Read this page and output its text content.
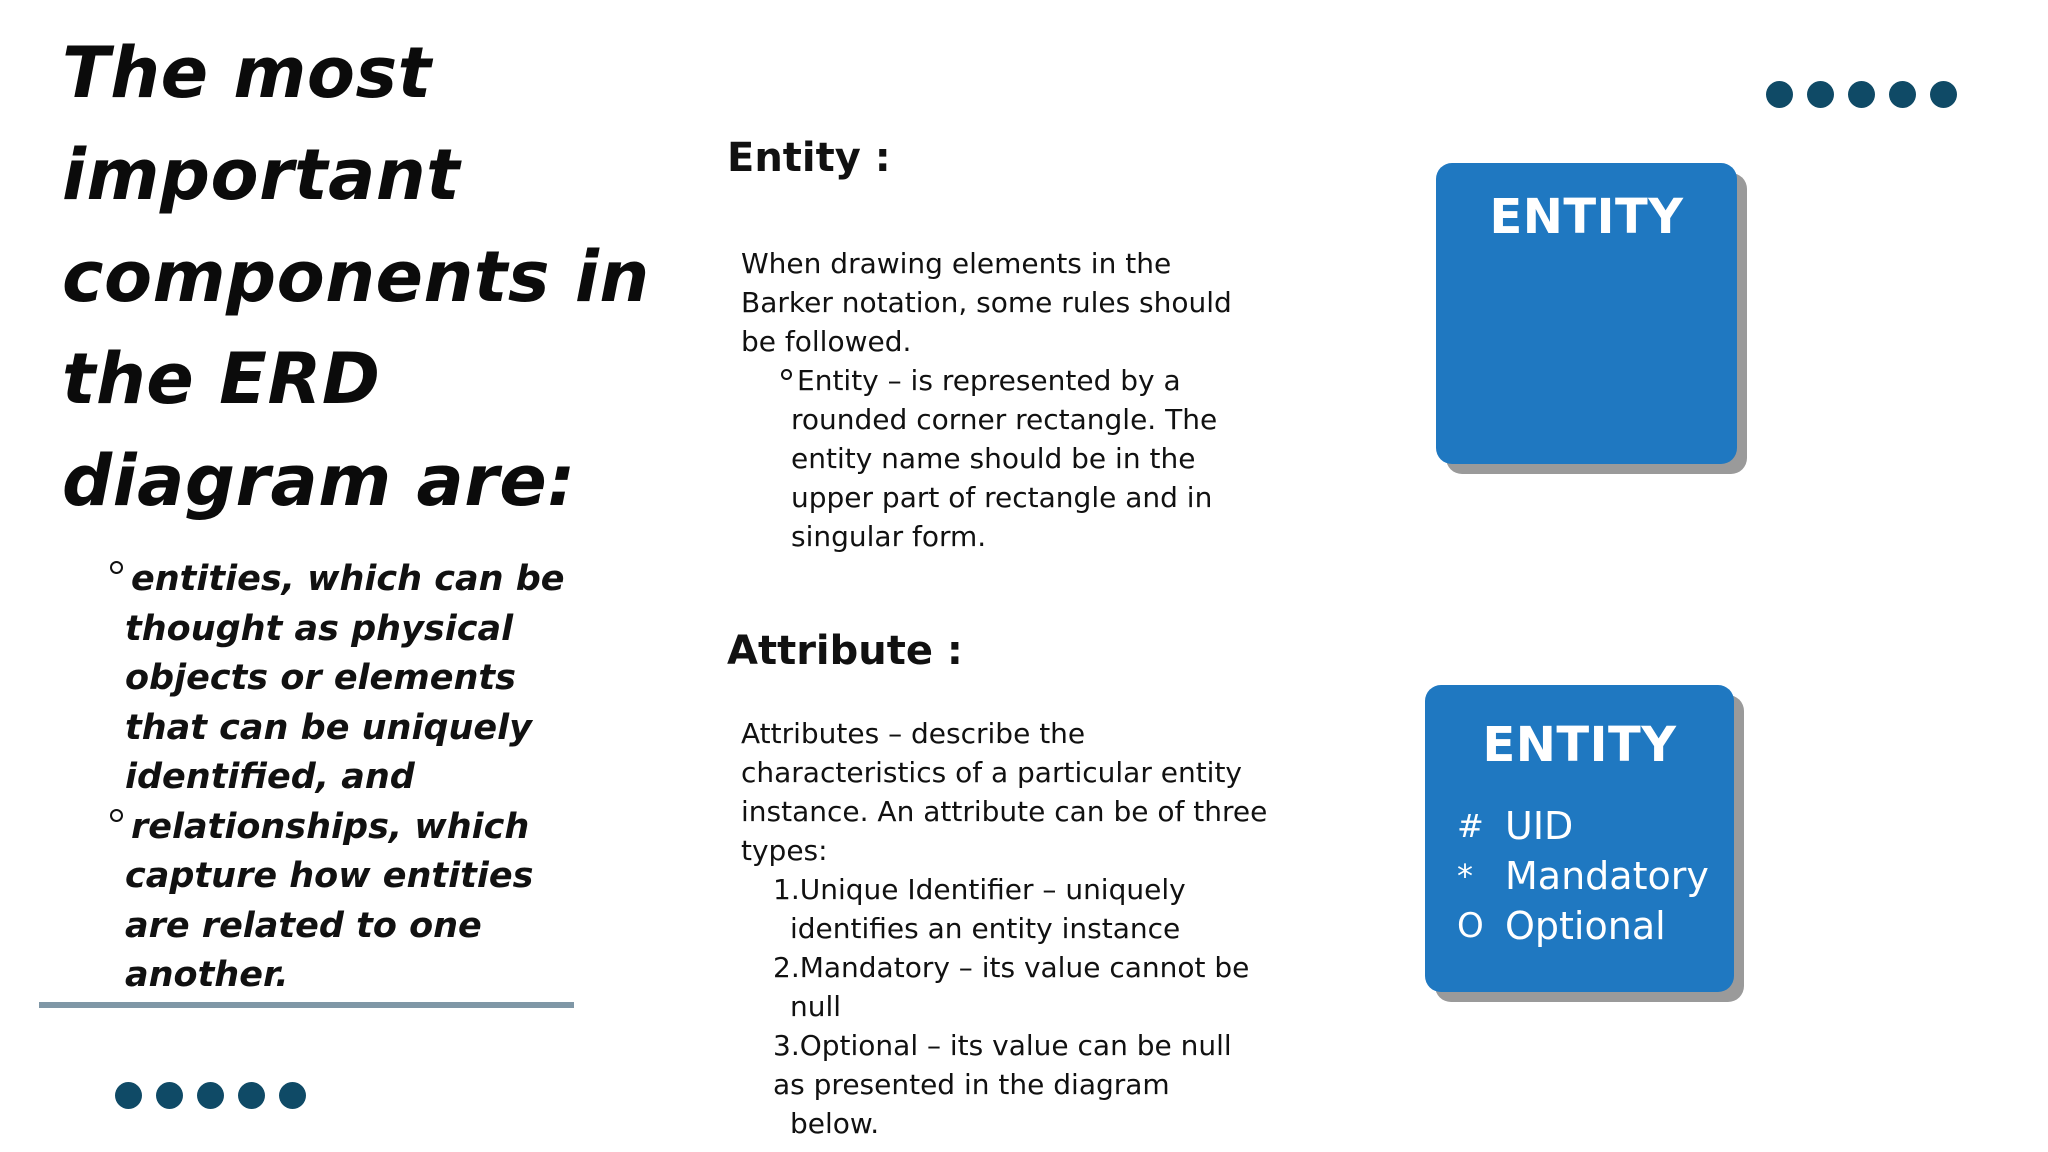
The most
important
components in
the ERD
diagram are:
entities, which can be
thought as physical
objects or elements
that can be uniquely
identified, and
relationships, which
capture how entities
are related to one
another.
Entity :

When drawing elements in the
Barker notation, some rules should
be followed.

Entity – is represented by a
rounded corner rectangle. The
entity name should be in the
upper part of rectangle and in
singular form.

Attribute :

Attributes – describe the
characteristics of a particular entity
instance. An attribute can be of three
types:

1.Unique Identifier – uniquely
identifies an entity instance
2.Mandatory – its value cannot be
null
3.Optional – its value can be null
as presented in the diagram
below.

ENTITY
ENTITY
# UID
* Mandatory
O Optional
